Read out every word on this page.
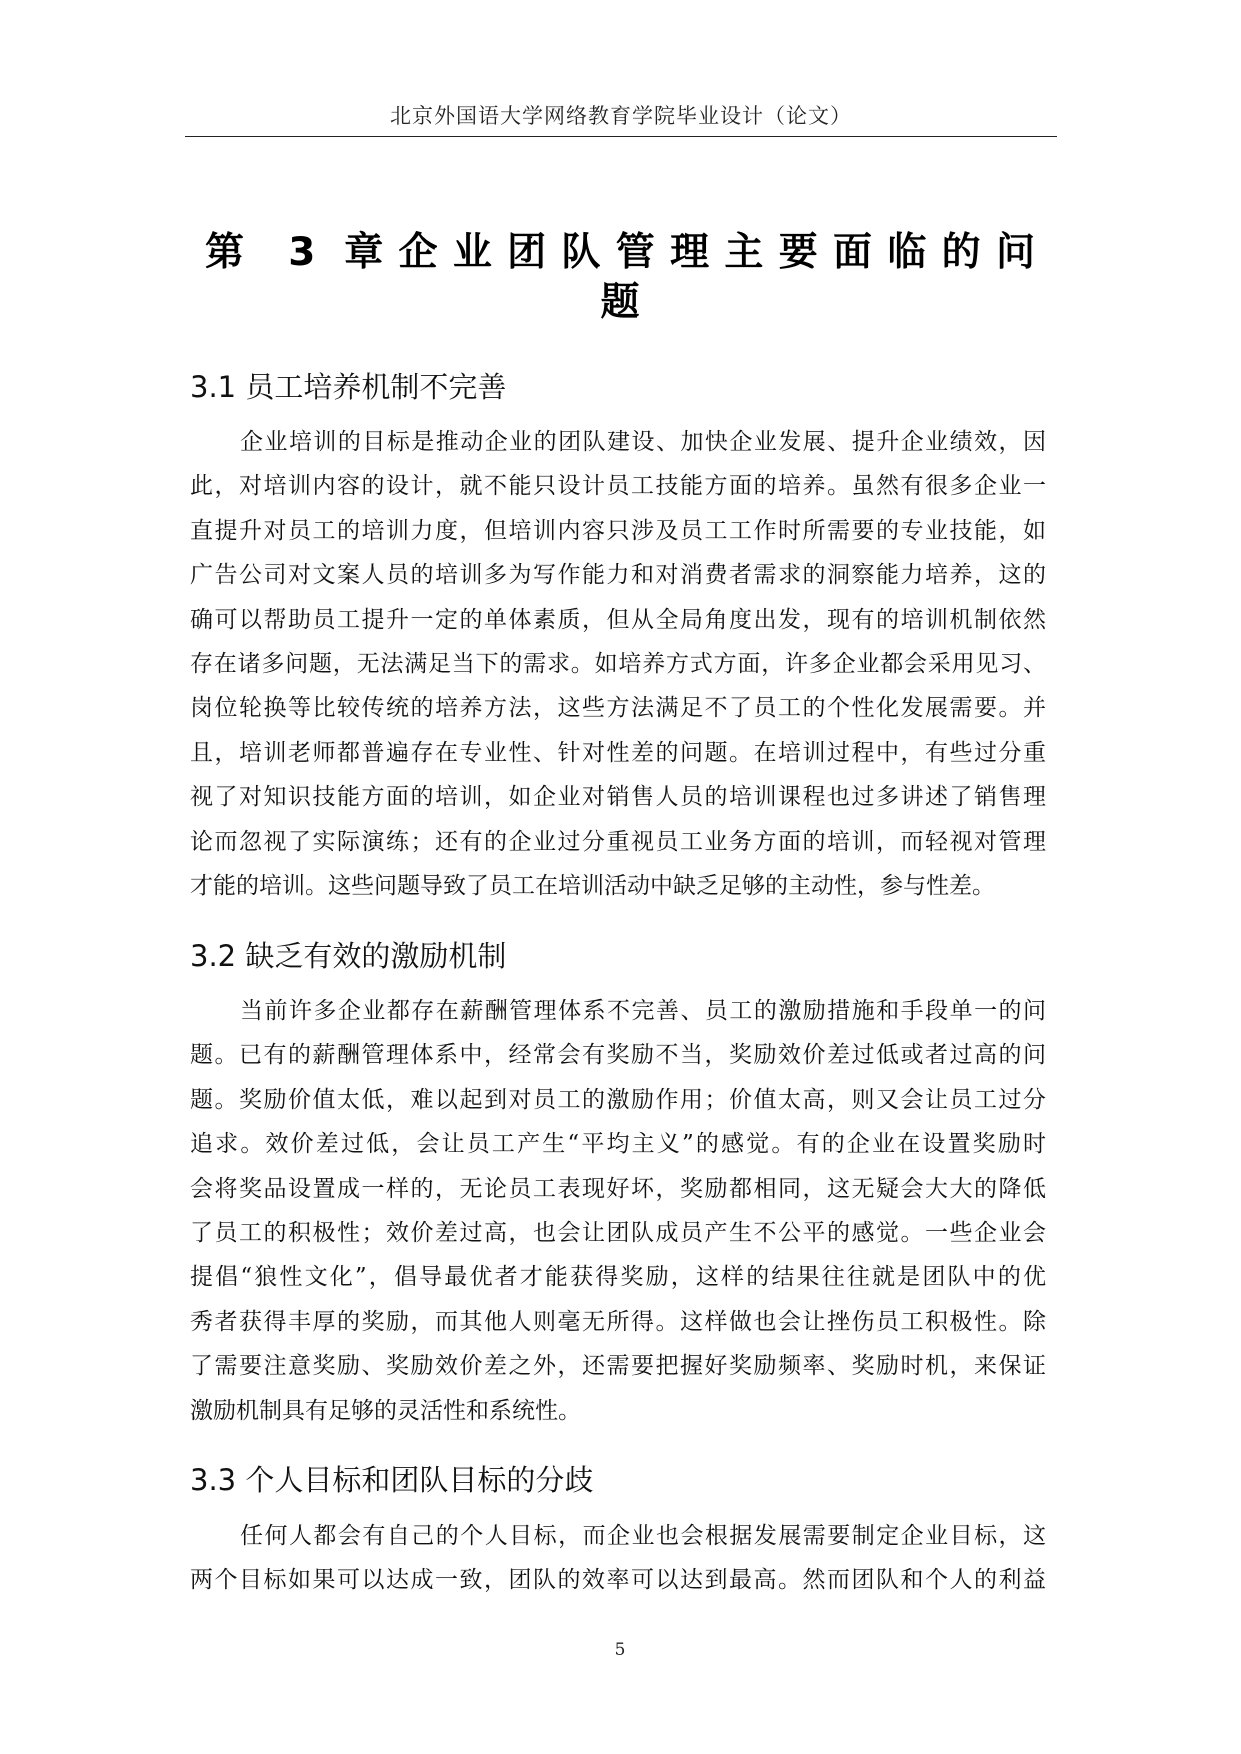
北京外国语大学网络教育学院毕业设计（论文）
第 3 章企业团队管理主要面临的问
题
3.1 员工培养机制不完善
企业培训的目标是推动企业的团队建设、加快企业发展、提升企业绩效，因
此，对培训内容的设计，就不能只设计员工技能方面的培养。虽然有很多企业一
直提升对员工的培训力度，但培训内容只涉及员工工作时所需要的专业技能，如
广告公司对文案人员的培训多为写作能力和对消费者需求的洞察能力培养，这的
确可以帮助员工提升一定的单体素质，但从全局角度出发，现有的培训机制依然
存在诸多问题，无法满足当下的需求。如培养方式方面，许多企业都会采用见习、
岗位轮换等比较传统的培养方法，这些方法满足不了员工的个性化发展需要。并
且，培训老师都普遍存在专业性、针对性差的问题。在培训过程中，有些过分重
视了对知识技能方面的培训，如企业对销售人员的培训课程也过多讲述了销售理
论而忽视了实际演练；还有的企业过分重视员工业务方面的培训，而轻视对管理
才能的培训。这些问题导致了员工在培训活动中缺乏足够的主动性，参与性差。
3.2 缺乏有效的激励机制
当前许多企业都存在薪酬管理体系不完善、员工的激励措施和手段单一的问
题。已有的薪酬管理体系中，经常会有奖励不当，奖励效价差过低或者过高的问
题。奖励价值太低，难以起到对员工的激励作用；价值太高，则又会让员工过分
追求。效价差过低，会让员工产生“平均主义”的感觉。有的企业在设置奖励时
会将奖品设置成一样的，无论员工表现好坏，奖励都相同，这无疑会大大的降低
了员工的积极性；效价差过高，也会让团队成员产生不公平的感觉。一些企业会
提倡“狼性文化”，倡导最优者才能获得奖励，这样的结果往往就是团队中的优
秀者获得丰厚的奖励，而其他人则毫无所得。这样做也会让挫伤员工积极性。除
了需要注意奖励、奖励效价差之外，还需要把握好奖励频率、奖励时机，来保证
激励机制具有足够的灵活性和系统性。
3.3 个人目标和团队目标的分歧
任何人都会有自己的个人目标，而企业也会根据发展需要制定企业目标，这
两个目标如果可以达成一致，团队的效率可以达到最高。然而团队和个人的利益
5
